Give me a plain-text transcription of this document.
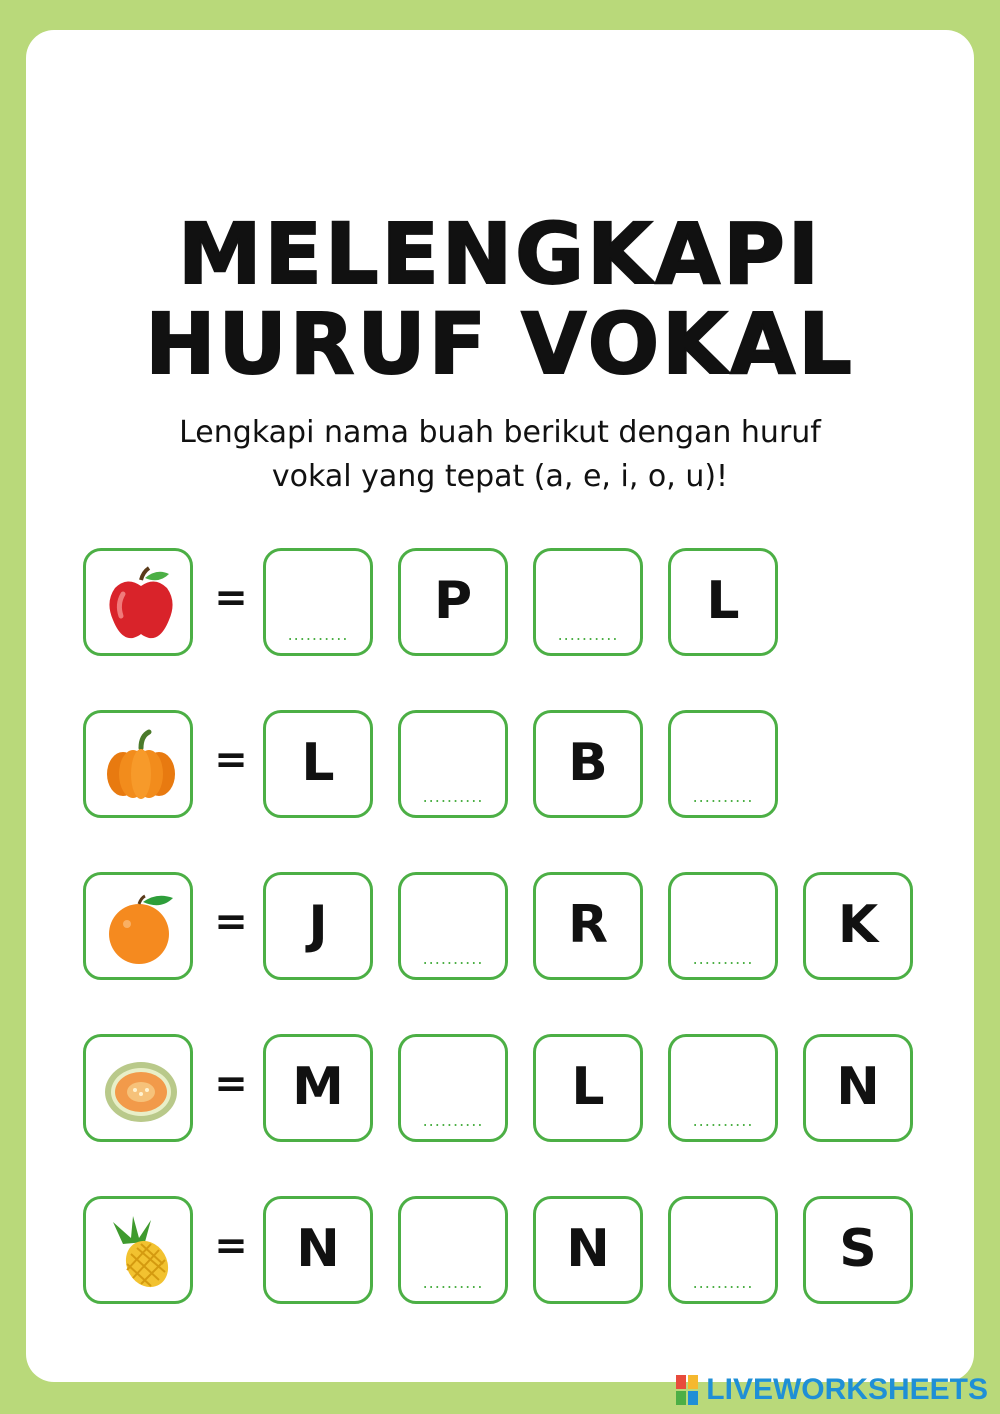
MELENGKAPI
HURUF VOKAL
Lengkapi nama buah berikut dengan huruf
vokal yang tepat (a, e, i, o, u)!
=
..........
P
..........
L
=	L
..........
B
..........
=	J
..........
R
..........
K
= M
..........
L
..........
N
= N
..........
N
..........
S
LIVEWORKSHEETS
